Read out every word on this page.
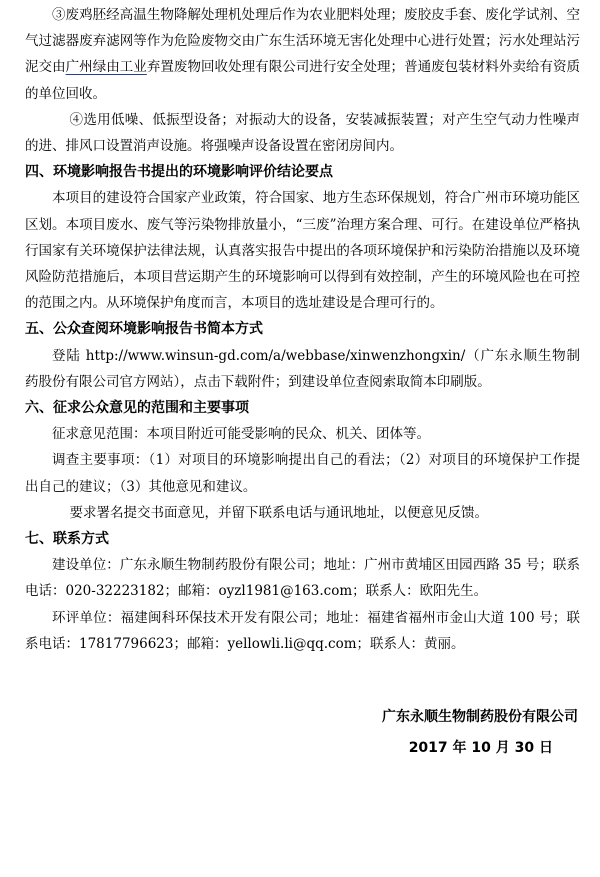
③废鸡胚经高温生物降解处理机处理后作为农业肥料处理；废胶皮手套、废化学试剂、空气过滤器废弃滤网等作为危险废物交由广东生活环境无害化处理中心进行处置；污水处理站污泥交由广州绿由工业弃置废物回收处理有限公司进行安全处理；普通废包装材料外卖给有资质的单位回收。

④选用低噪、低振型设备；对振动大的设备，安装减振装置；对产生空气动力性噪声的进、排风口设置消声设施。将强噪声设备设置在密闭房间内。

四、环境影响报告书提出的环境影响评价结论要点

本项目的建设符合国家产业政策，符合国家、地方生态环保规划，符合广州市环境功能区区划。本项目废水、废气等污染物排放量小，“三废”治理方案合理、可行。在建设单位严格执行国家有关环境保护法律法规，认真落实报告中提出的各项环境保护和污染防治措施以及环境风险防范措施后，本项目营运期产生的环境影响可以得到有效控制，产生的环境风险也在可控的范围之内。从环境保护角度而言，本项目的选址建设是合理可行的。

五、公众查阅环境影响报告书简本方式

登陆 http://www.winsun-gd.com/a/webbase/xinwenzhongxin/（广东永顺生物制药股份有限公司官方网站），点击下载附件；到建设单位查阅索取简本印刷版。

六、征求公众意见的范围和主要事项

征求意见范围：本项目附近可能受影响的民众、机关、团体等。

调查主要事项：（1）对项目的环境影响提出自己的看法；（2）对项目的环境保护工作提出自己的建议；（3）其他意见和建议。

要求署名提交书面意见，并留下联系电话与通讯地址，以便意见反馈。

七、联系方式

建设单位：广东永顺生物制药股份有限公司；地址：广州市黄埔区田园西路 35 号；联系电话：020-32223182；邮箱：oyzl1981@163.com；联系人：欧阳先生。

环评单位：福建闽科环保技术开发有限公司；地址：福建省福州市金山大道 100 号；联系电话：17817796623；邮箱：yellowli.li@qq.com；联系人：黄丽。

广东永顺生物制药股份有限公司
2017 年 10 月 30 日
